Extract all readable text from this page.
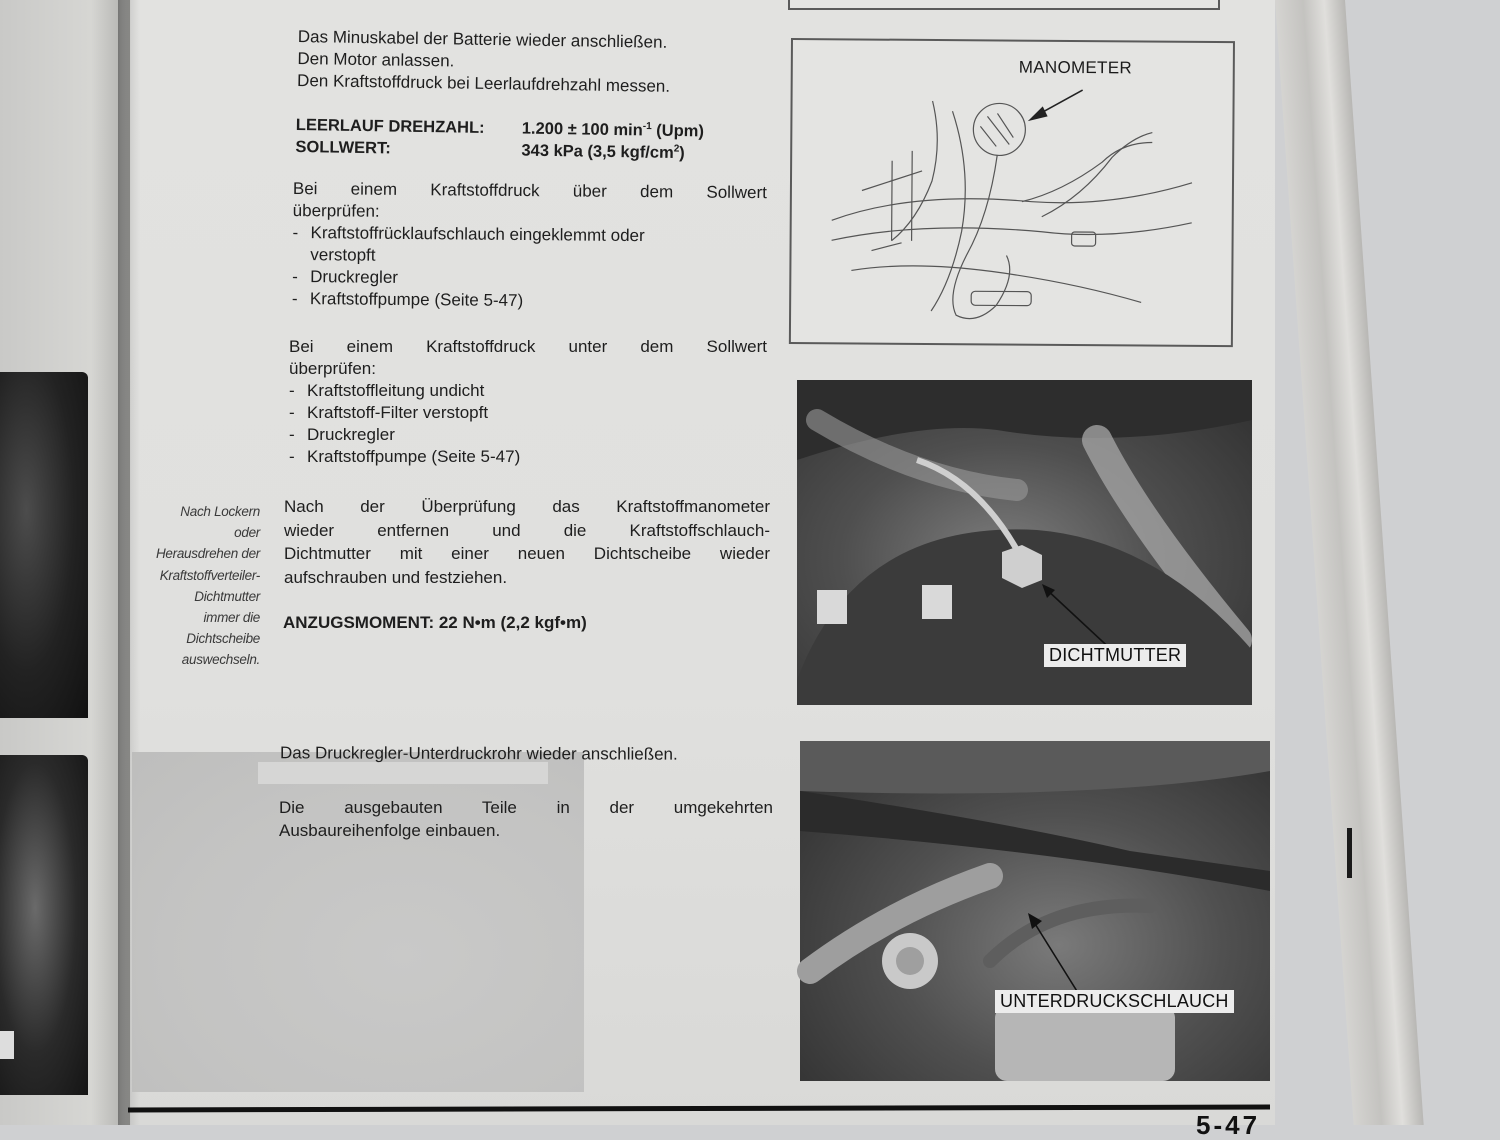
Das Minuskabel der Batterie wieder anschließen.
Den Motor anlassen.
Den Kraftstoffdruck bei Leerlaufdrehzahl messen.
LEERLAUF DREHZAHL:	1.200 ± 100 $\min^{-1} (Upm)$
SOLLWERT:	343 kPa (3,5 kgf/$cm^2$)
Bei einem Kraftstoffdruck über dem Sollwert
überprüfen:
- Kraftstoffrücklaufschlauch eingeklemmt oder
verstopft
- Druckregler
- Kraftstoffpumpe (Seite 5-47)
Bei einem Kraftstoffdruck unter dem Sollwert
überprüfen:
- Kraftstoffleitung undicht
- Kraftstoff-Filter verstopft
- Druckregler
- Kraftstoffpumpe (Seite 5-47)
Nach Lockern
oder
Herausdrehen der
Kraftstoffverteiler-
Dichtmutter
immer die
Dichtscheibe
auswechseln.
Nach der Überprüfung das Kraftstoffmanometer
wieder entfernen und die Kraftstoffschlauch-
Dichtmutter mit einer neuen Dichtscheibe wieder
aufschrauben und festziehen.
ANZUGSMOMENT: 22 N•m (2,2 kgf•m)
Das Druckregler-Unterdruckrohr wieder anschließen.
Die ausgebauten Teile in der umgekehrten
Ausbaureihenfolge einbauen.
MANOMETER
DICHTMUTTER
UNTERDRUCKSCHLAUCH
5-47
